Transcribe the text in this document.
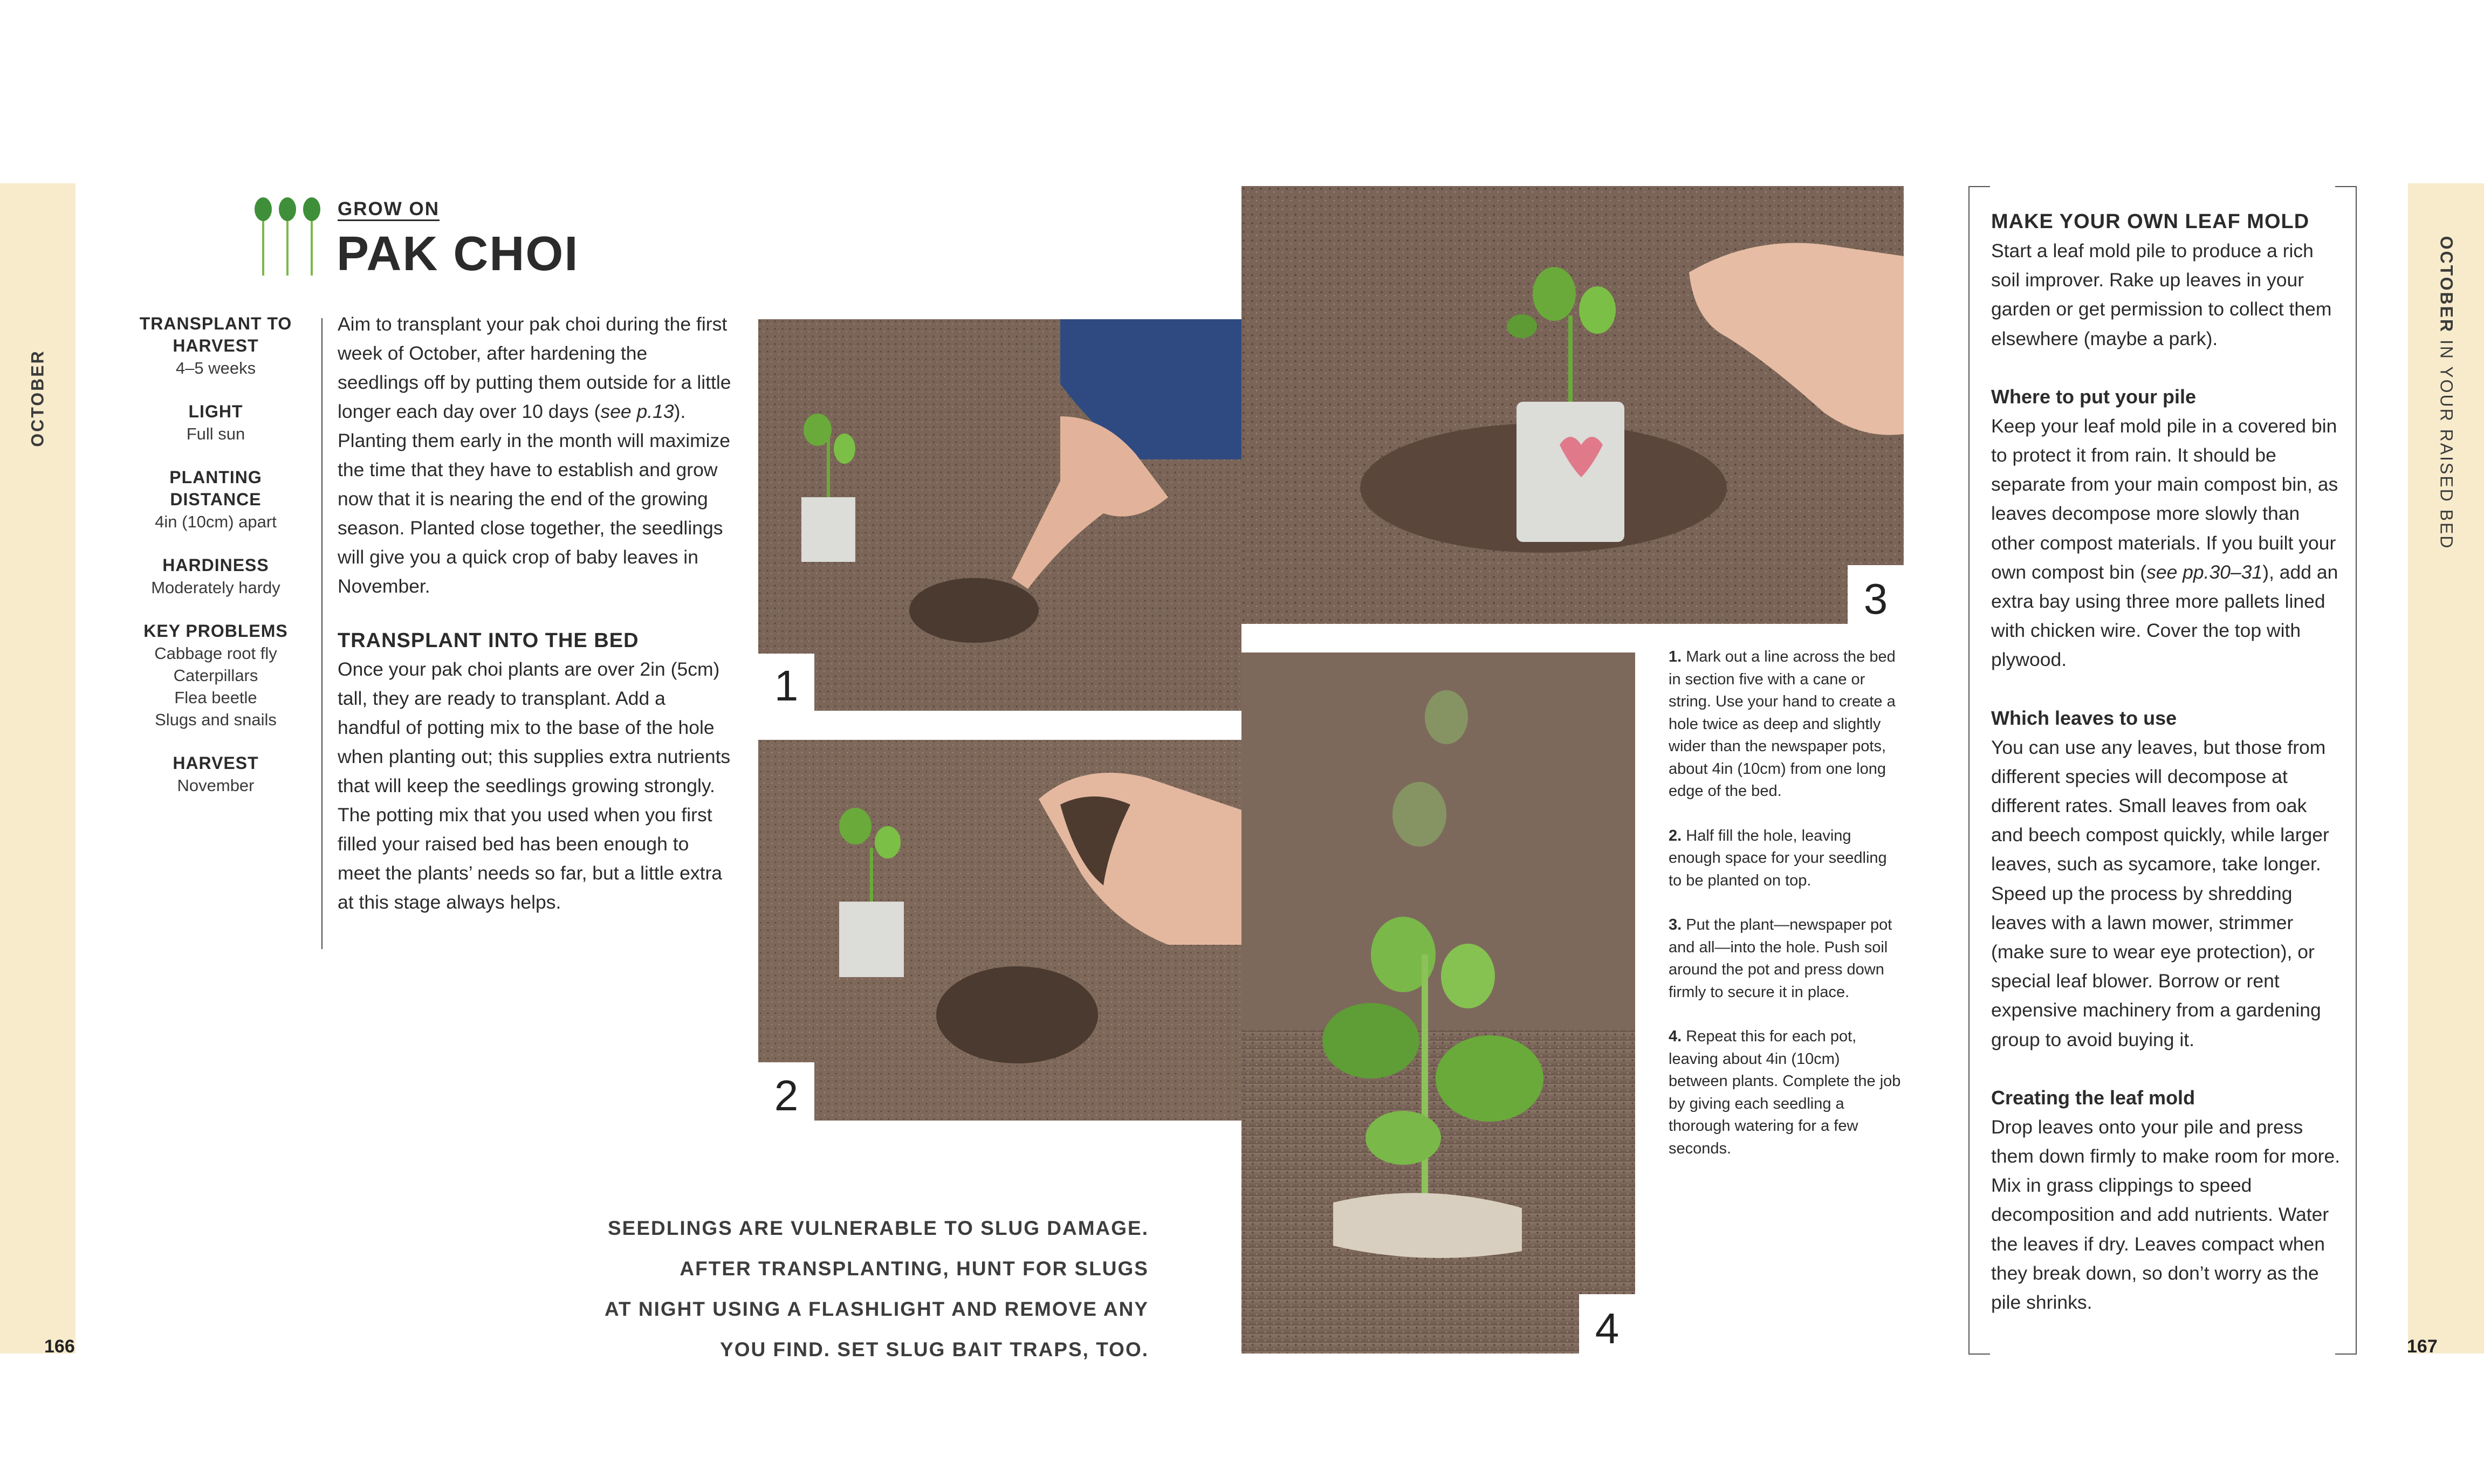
OCTOBER
166
OCTOBER IN YOUR RAISED BED
167
GROW ON
PAK CHOI
TRANSPLANT TO HARVEST
4–5 weeks
LIGHT
Full sun
PLANTING DISTANCE
4in (10cm) apart
HARDINESS
Moderately hardy
KEY PROBLEMS
Cabbage root fly
Caterpillars
Flea beetle
Slugs and snails
HARVEST
November

Aim to transplant your pak choi during the first week of October, after hardening the seedlings off by putting them outside for a little longer each day over 10 days (see p.13). Planting them early in the month will maximize the time that they have to establish and grow now that it is nearing the end of the growing season. Planted close together, the seedlings will give you a quick crop of baby leaves in November.

TRANSPLANT INTO THE BED

Once your pak choi plants are over 2in (5cm) tall, they are ready to transplant. Add a handful of potting mix to the base of the hole when planting out; this supplies extra nutrients that will keep the seedlings growing strongly. The potting mix that you used when you first filled your raised bed has been enough to meet the plants’ needs so far, but a little extra at this stage always helps.

1
2
3
4

1. Mark out a line across the bed in section five with a cane or string. Use your hand to create a hole twice as deep and slightly wider than the newspaper pots, about 4in (10cm) from one long edge of the bed.

2. Half fill the hole, leaving enough space for your seedling to be planted on top.

3. Put the plant—newspaper pot and all—into the hole. Push soil around the pot and press down firmly to secure it in place.

4. Repeat this for each pot, leaving about 4in (10cm) between plants. Complete the job by giving each seedling a thorough watering for a few seconds.

SEEDLINGS ARE VULNERABLE TO SLUG DAMAGE.

AFTER TRANSPLANTING, HUNT FOR SLUGS

AT NIGHT USING A FLASHLIGHT AND REMOVE ANY

YOU FIND. SET SLUG BAIT TRAPS, TOO.

MAKE YOUR OWN LEAF MOLD

Start a leaf mold pile to produce a rich soil improver. Rake up leaves in your garden or get permission to collect them elsewhere (maybe a park).

Where to put your pile

Keep your leaf mold pile in a covered bin to protect it from rain. It should be separate from your main compost bin, as leaves decompose more slowly than other compost materials. If you built your own compost bin (see pp.30–31), add an extra bay using three more pallets lined with chicken wire. Cover the top with plywood.

Which leaves to use

You can use any leaves, but those from different species will decompose at different rates. Small leaves from oak and beech compost quickly, while larger leaves, such as sycamore, take longer. Speed up the process by shredding leaves with a lawn mower, strimmer (make sure to wear eye protection), or special leaf blower. Borrow or rent expensive machinery from a gardening group to avoid buying it.

Creating the leaf mold

Drop leaves onto your pile and press them down firmly to make room for more. Mix in grass clippings to speed decomposition and add nutrients. Water the leaves if dry. Leaves compact when they break down, so don’t worry as the pile shrinks.
